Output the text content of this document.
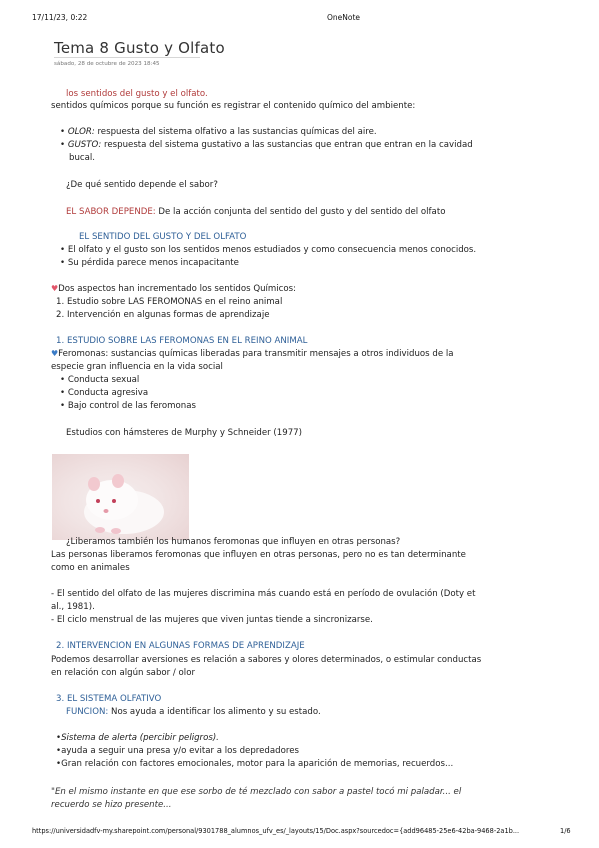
17/11/23, 0:22	OneNote
Tema 8 Gusto y Olfato
sábado, 28 de octubre de 2023 18:45
los sentidos del gusto y el olfato.
sentidos químicos porque su función es registrar el contenido químico del ambiente:
• OLOR: respuesta del sistema olfativo a las sustancias químicas del aire.
• GUSTO: respuesta del sistema gustativo a las sustancias que entran que entran en la cavidad
bucal.
¿De qué sentido depende el sabor?
EL SABOR DEPENDE: De la acción conjunta del sentido del gusto y del sentido del olfato
EL SENTIDO DEL GUSTO Y DEL OLFATO
• El olfato y el gusto son los sentidos menos estudiados y como consecuencia menos conocidos.
• Su pérdida parece menos incapacitante
♥Dos aspectos han incrementado los sentidos Químicos:
1. Estudio sobre LAS FEROMONAS en el reino animal
2. Intervención en algunas formas de aprendizaje
1. ESTUDIO SOBRE LAS FEROMONAS EN EL REINO ANIMAL
♥Feromonas: sustancias químicas liberadas para transmitir mensajes a otros individuos de la
especie gran influencia en la vida social
• Conducta sexual
• Conducta agresiva
• Bajo control de las feromonas
Estudios con hámsteres de Murphy y Schneider (1977)
¿Liberamos también los humanos feromonas que influyen en otras personas?
Las personas liberamos feromonas que influyen en otras personas, pero no es tan determinante
como en animales
- El sentido del olfato de las mujeres discrimina más cuando está en período de ovulación (Doty et
al., 1981).
- El ciclo menstrual de las mujeres que viven juntas tiende a sincronizarse.
2. INTERVENCION EN ALGUNAS FORMAS DE APRENDIZAJE
Podemos desarrollar aversiones es relación a sabores y olores determinados, o estimular conductas
en relación con algún sabor / olor
3. EL SISTEMA OLFATIVO
FUNCION: Nos ayuda a identificar los alimento y su estado.
•Sistema de alerta (percibir peligros).
•ayuda a seguir una presa y/o evitar a los depredadores
•Gran relación con factores emocionales, motor para la aparición de memorias, recuerdos...
"En el mismo instante en que ese sorbo de té mezclado con sabor a pastel tocó mi paladar... el
recuerdo se hizo presente...
https://universidadfv-my.sharepoint.com/personal/9301788_alumnos_ufv_es/_layouts/15/Doc.aspx?sourcedoc={add96485-25e6-42ba-9468-2a1b...	1/6
